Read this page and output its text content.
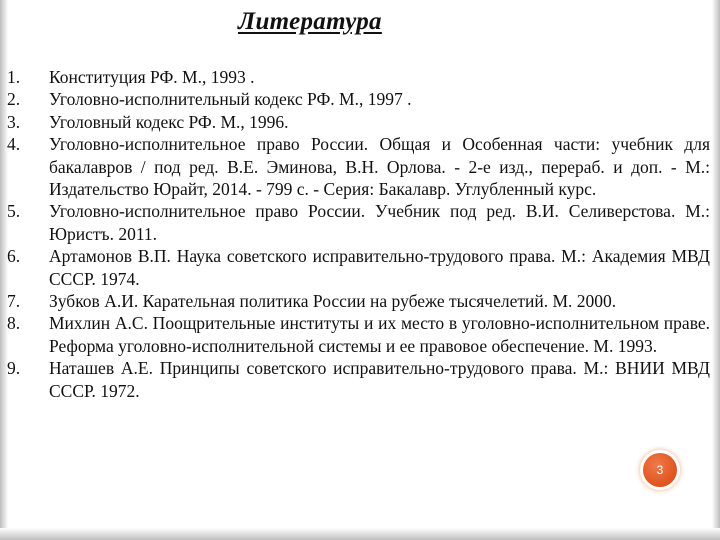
Литература
1. Конституция РФ. М., 1993 .
2. Уголовно-исполнительный кодекс РФ. М., 1997 .
3. Уголовный кодекс РФ. М., 1996.
4. Уголовно-исполнительное право России. Общая и Особенная части: учебник для бакалавров / под ред. В.Е. Эминова, В.Н. Орлова. - 2-е изд., перераб. и доп. - М.: Издательство Юрайт, 2014. - 799 с. - Серия: Бакалавр. Углубленный курс.
5. Уголовно-исполнительное право России. Учебник под ред. В.И. Селиверстова. М.: Юристъ. 2011.
6. Артамонов В.П. Наука советского исправительно-трудового права. М.: Академия МВД СССР. 1974.
7. Зубков А.И. Карательная политика России на рубеже тысячелетий. М. 2000.
8. Михлин А.С. Поощрительные институты и их место в уголовно-исполнительном праве. Реформа уголовно-исполнительной системы и ее правовое обеспечение. М. 1993.
9. Наташев А.Е. Принципы советского исправительно-трудового права. М.: ВНИИ МВД СССР. 1972.
3
